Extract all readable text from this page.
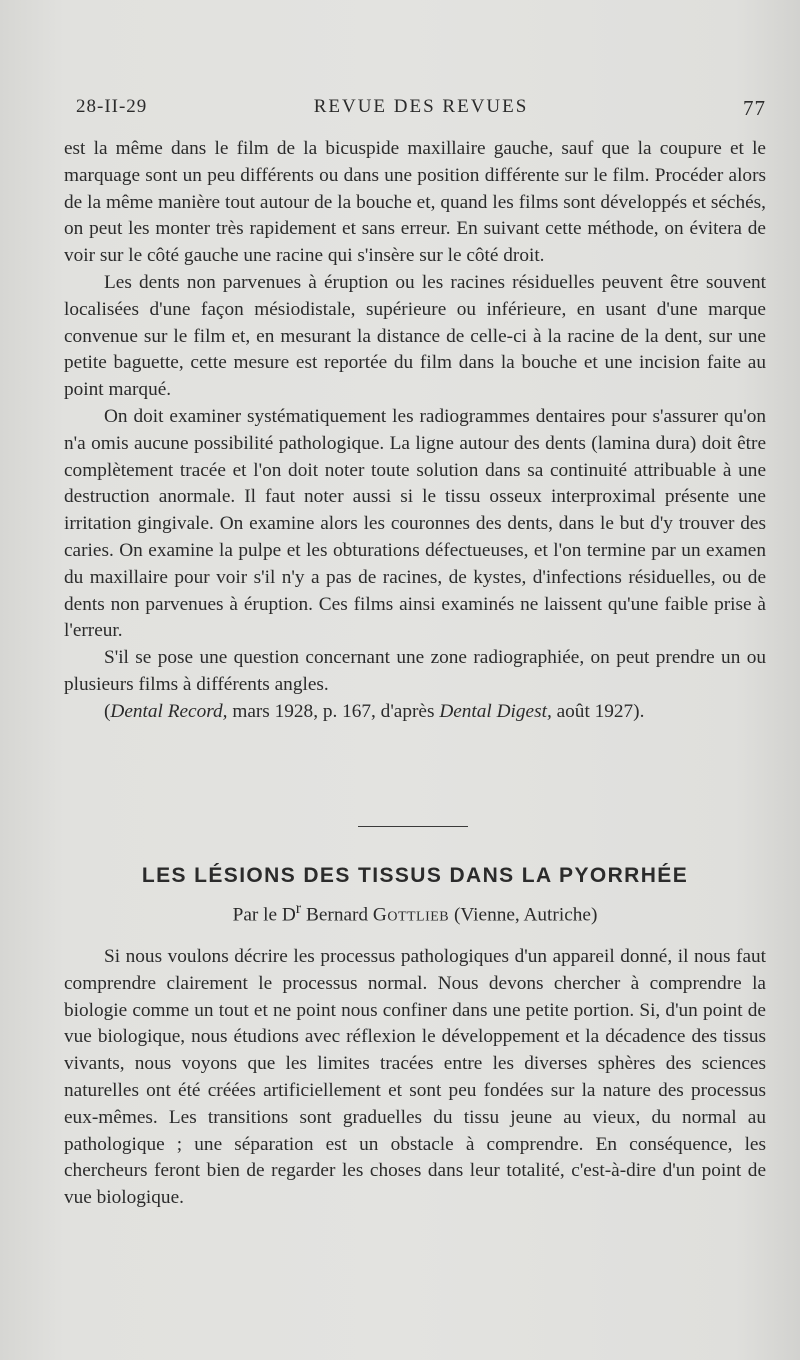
28-II-29	REVUE DES REVUES	77

est la même dans le film de la bicuspide maxillaire gauche, sauf que la coupure et le marquage sont un peu différents ou dans une position différente sur le film. Procéder alors de la même manière tout autour de la bouche et, quand les films sont développés et séchés, on peut les monter très rapidement et sans erreur. En suivant cette méthode, on évitera de voir sur le côté gauche une racine qui s'insère sur le côté droit.

Les dents non parvenues à éruption ou les racines résiduelles peuvent être souvent localisées d'une façon mésiodistale, supérieure ou inférieure, en usant d'une marque convenue sur le film et, en mesurant la distance de celle-ci à la racine de la dent, sur une petite baguette, cette mesure est reportée du film dans la bouche et une incision faite au point marqué.

On doit examiner systématiquement les radiogrammes dentaires pour s'assurer qu'on n'a omis aucune possibilité pathologique. La ligne autour des dents (lamina dura) doit être complètement tracée et l'on doit noter toute solution dans sa continuité attribuable à une destruction anormale. Il faut noter aussi si le tissu osseux interproximal présente une irritation gingivale. On examine alors les couronnes des dents, dans le but d'y trouver des caries. On examine la pulpe et les obturations défectueuses, et l'on termine par un examen du maxillaire pour voir s'il n'y a pas de racines, de kystes, d'infections résiduelles, ou de dents non parvenues à éruption. Ces films ainsi examinés ne laissent qu'une faible prise à l'erreur.

S'il se pose une question concernant une zone radiographiée, on peut prendre un ou plusieurs films à différents angles.

(Dental Record, mars 1928, p. 167, d'après Dental Digest, août 1927).

LES LÉSIONS DES TISSUS DANS LA PYORRHÉE
Par le $D^r$ Bernard Gottlieb (Vienne, Autriche)

Si nous voulons décrire les processus pathologiques d'un appareil donné, il nous faut comprendre clairement le processus normal. Nous devons chercher à comprendre la biologie comme un tout et ne point nous confiner dans une petite portion. Si, d'un point de vue biologique, nous étudions avec réflexion le développement et la décadence des tissus vivants, nous voyons que les limites tracées entre les diverses sphères des sciences naturelles ont été créées artificiellement et sont peu fondées sur la nature des processus eux-mêmes. Les transitions sont graduelles du tissu jeune au vieux, du normal au pathologique ; une séparation est un obstacle à comprendre. En conséquence, les chercheurs feront bien de regarder les choses dans leur totalité, c'est-à-dire d'un point de vue biologique.
